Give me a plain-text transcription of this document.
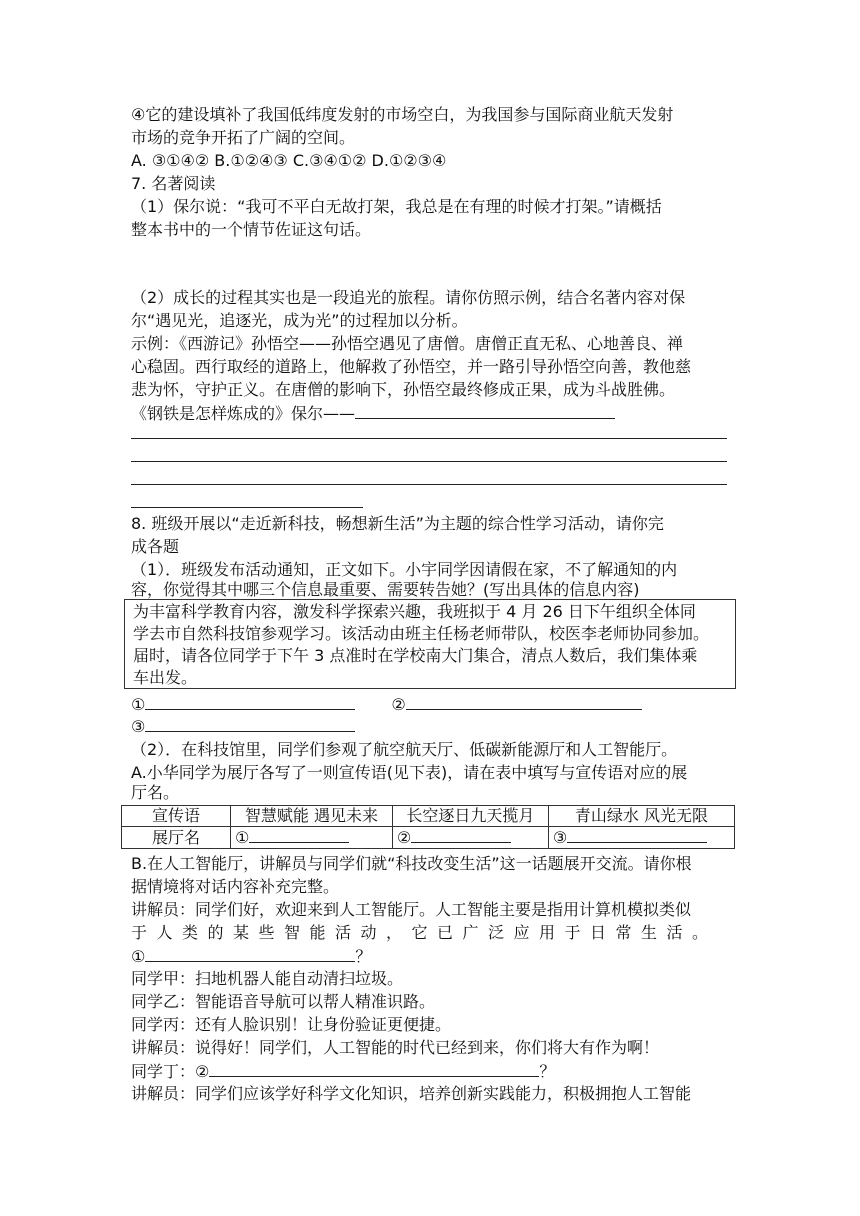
④它的建设填补了我国低纬度发射的市场空白，为我国参与国际商业航天发射
市场的竞争开拓了广阔的空间。
A. ③①④② B.①②④③ C.③④①② D.①②③④
7. 名著阅读
（1）保尔说：“我可不平白无故打架，我总是在有理的时候才打架。”请概括
整本书中的一个情节佐证这句话。
（2）成长的过程其实也是一段追光的旅程。请你仿照示例，结合名著内容对保
尔“遇见光，追逐光，成为光”的过程加以分析。
示例：《西游记》孙悟空——孙悟空遇见了唐僧。唐僧正直无私、心地善良、禅
心稳固。西行取经的道路上，他解救了孙悟空，并一路引导孙悟空向善，教他慈
悲为怀，守护正义。在唐僧的影响下，孙悟空最终修成正果，成为斗战胜佛。
《钢铁是怎样炼成的》保尔——
8. 班级开展以“走近新科技，畅想新生活”为主题的综合性学习活动，请你完
成各题
（1）．班级发布活动通知，正文如下。小宇同学因请假在家，不了解通知的内
容，你觉得其中哪三个信息最重要、需要转告她？(写出具体的信息内容)
为丰富科学教育内容，激发科学探索兴趣，我班拟于 4 月 26 日下午组织全体同
学去市自然科技馆参观学习。该活动由班主任杨老师带队，校医李老师协同参加。
届时，请各位同学于下午 3 点准时在学校南大门集合，清点人数后，我们集体乘
车出发。
①	②
③
（2）．在科技馆里，同学们参观了航空航天厅、低碳新能源厅和人工智能厅。
A.小华同学为展厅各写了一则宣传语(见下表)，请在表中填写与宣传语对应的展
厅名。
宣传语	智慧赋能 遇见未来	长空逐日九天揽月	青山绿水 风光无限
展厅名	①	②	③
B.在人工智能厅，讲解员与同学们就“科技改变生活”这一话题展开交流。请你根
据情境将对话内容补充完整。
讲解员：同学们好，欢迎来到人工智能厅。人工智能主要是指用计算机模拟类似
于人类的某些智能活动，它已广泛应用于日常生活。
①	？
同学甲：扫地机器人能自动清扫垃圾。
同学乙：智能语音导航可以帮人精准识路。
同学丙：还有人脸识别！让身份验证更便捷。
讲解员：说得好！同学们，人工智能的时代已经到来，你们将大有作为啊！
同学丁：②	？
讲解员：同学们应该学好科学文化知识，培养创新实践能力，积极拥抱人工智能
